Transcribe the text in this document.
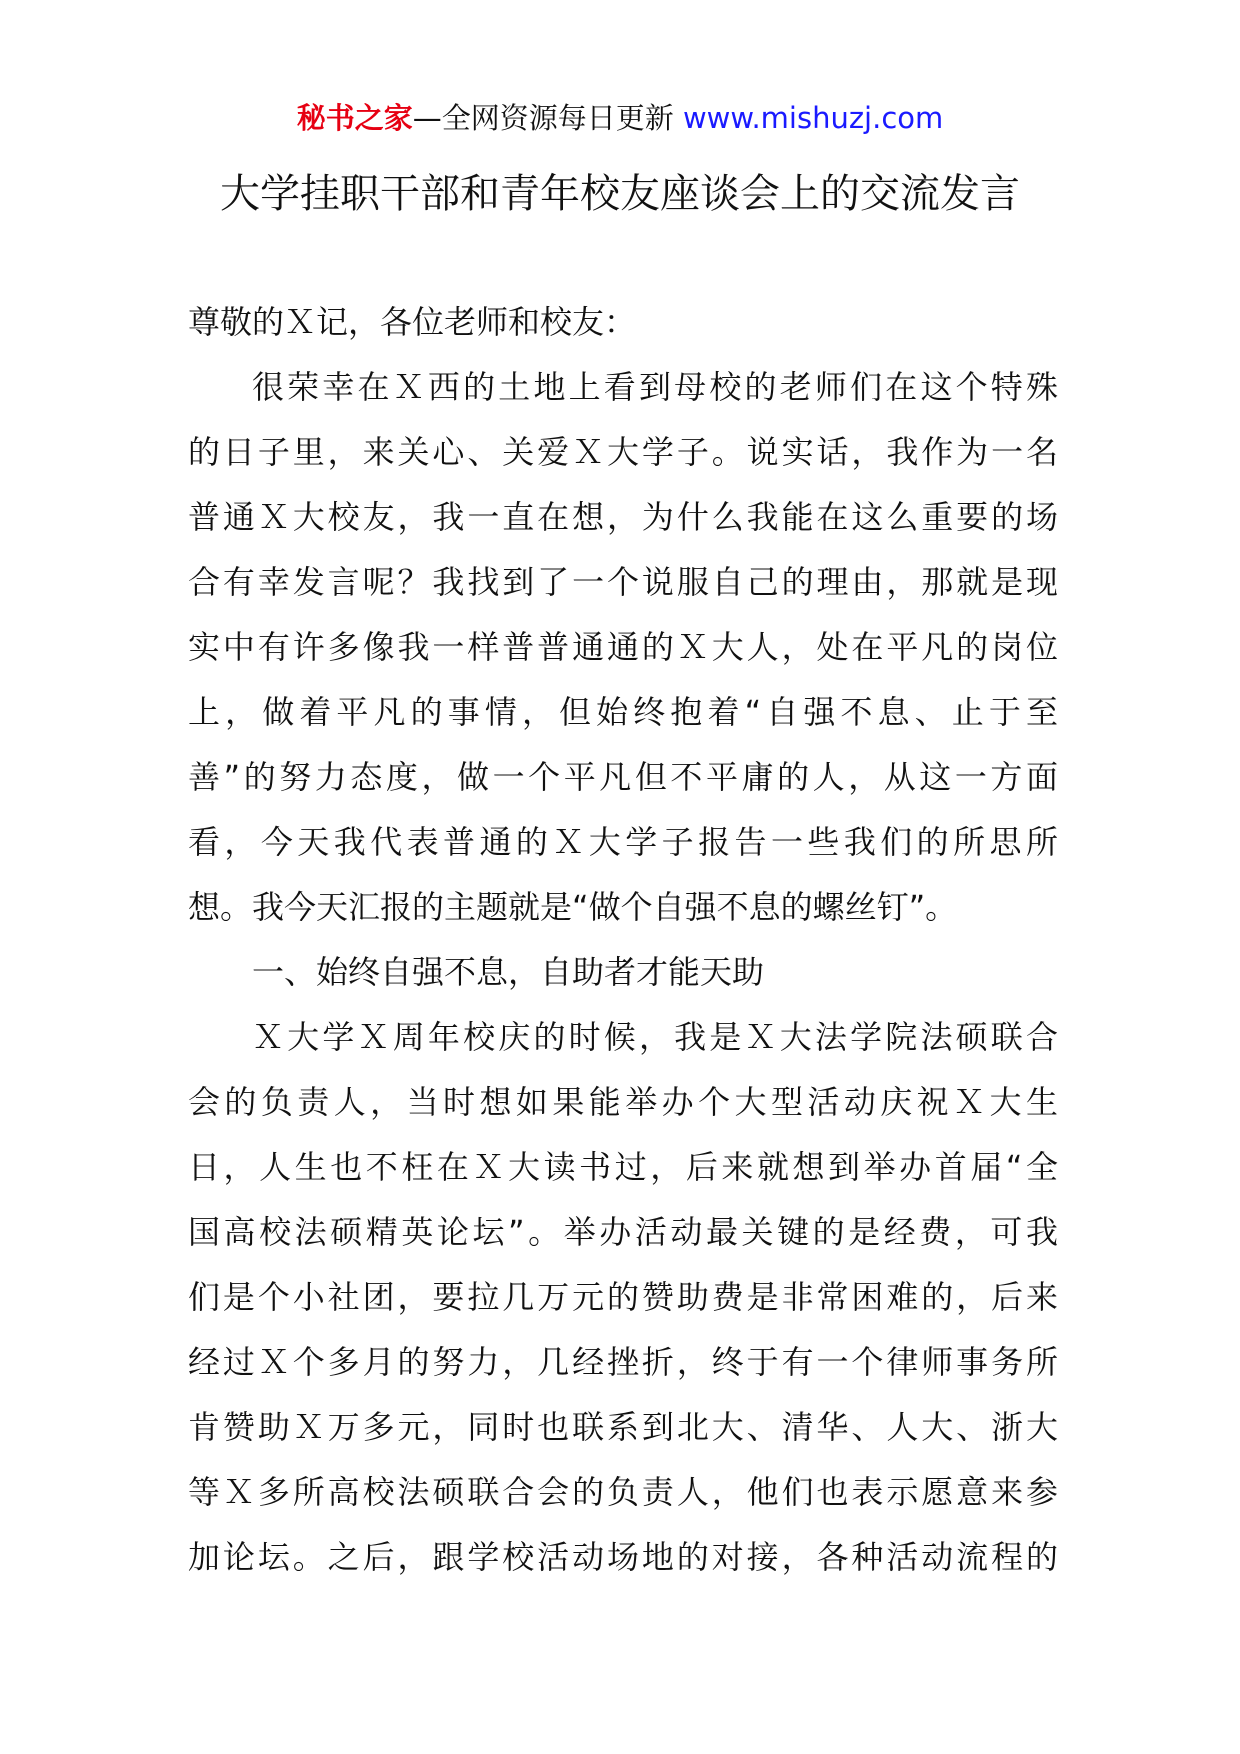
秘书之家—全网资源每日更新 www.mishuzj.com
大学挂职干部和青年校友座谈会上的交流发言
尊敬的Ｘ记，各位老师和校友：
很荣幸在Ｘ西的土地上看到母校的老师们在这个特殊
的日子里，来关心、关爱Ｘ大学子。说实话，我作为一名
普通Ｘ大校友，我一直在想，为什么我能在这么重要的场
合有幸发言呢？我找到了一个说服自己的理由，那就是现
实中有许多像我一样普普通通的Ｘ大人，处在平凡的岗位
上，做着平凡的事情，但始终抱着“自强不息、止于至
善”的努力态度，做一个平凡但不平庸的人，从这一方面
看，今天我代表普通的Ｘ大学子报告一些我们的所思所
想。我今天汇报的主题就是“做个自强不息的螺丝钉”。
一、始终自强不息，自助者才能天助
Ｘ大学Ｘ周年校庆的时候，我是Ｘ大法学院法硕联合
会的负责人，当时想如果能举办个大型活动庆祝Ｘ大生
日，人生也不枉在Ｘ大读书过，后来就想到举办首届“全
国高校法硕精英论坛”。举办活动最关键的是经费，可我
们是个小社团，要拉几万元的赞助费是非常困难的，后来
经过Ｘ个多月的努力，几经挫折，终于有一个律师事务所
肯赞助Ｘ万多元，同时也联系到北大、清华、人大、浙大
等Ｘ多所高校法硕联合会的负责人，他们也表示愿意来参
加论坛。之后，跟学校活动场地的对接，各种活动流程的
